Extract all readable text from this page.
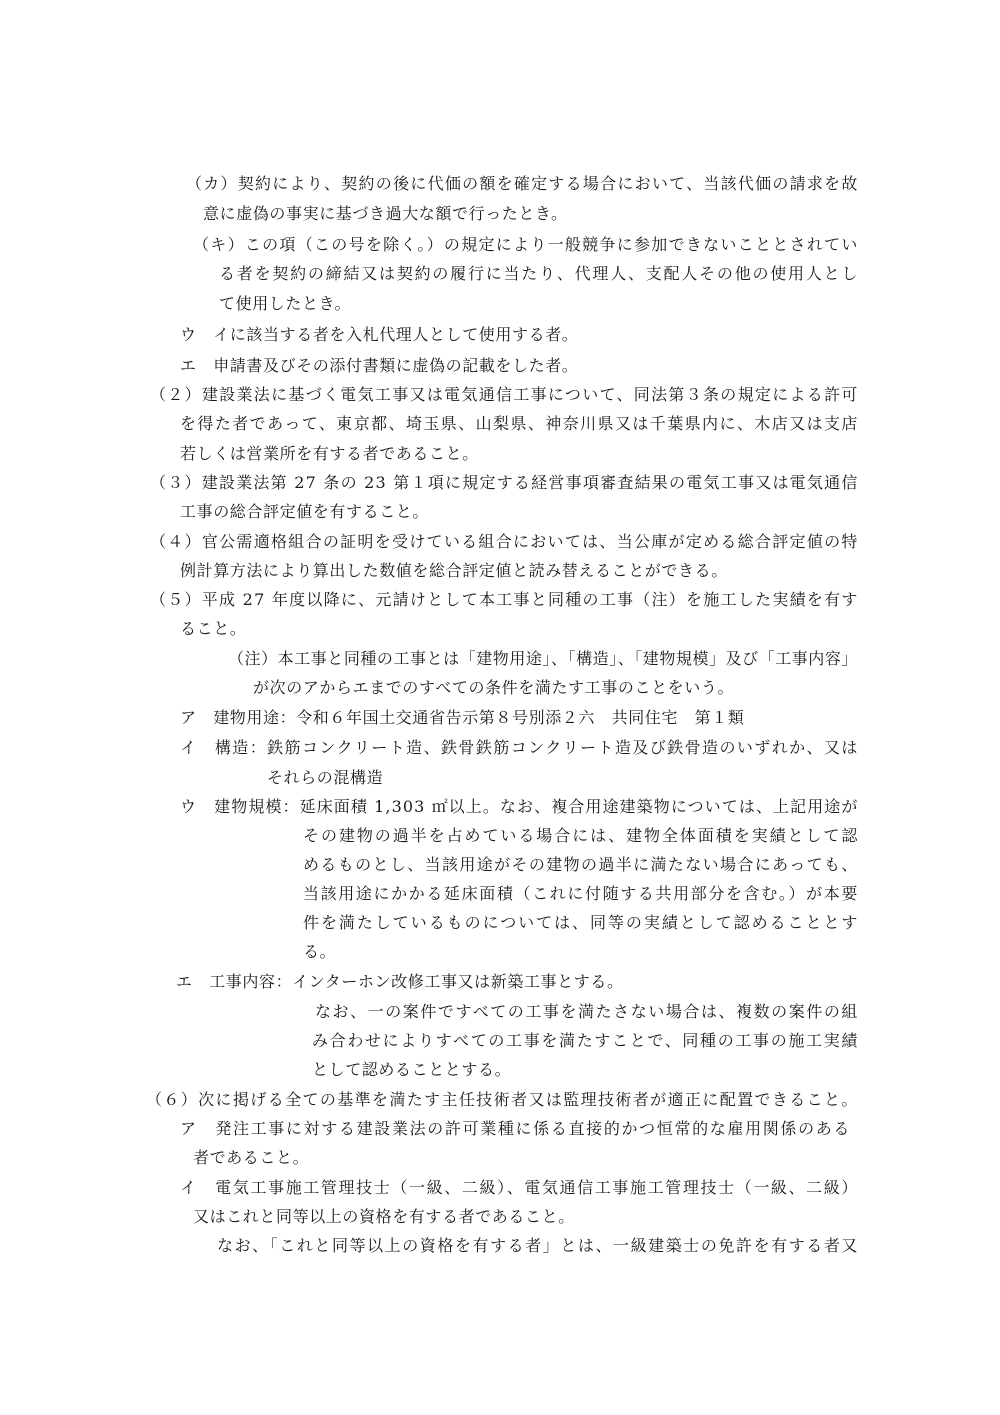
（カ）契約により、契約の後に代価の額を確定する場合において、当該代価の請求を故
意に虚偽の事実に基づき過大な額で行ったとき。
（キ）この項（この号を除く。）の規定により一般競争に参加できないこととされてい
る者を契約の締結又は契約の履行に当たり、代理人、支配人その他の使用人とし
て使用したとき。
ウ　イに該当する者を入札代理人として使用する者。
エ　申請書及びその添付書類に虚偽の記載をした者。
（２）建設業法に基づく電気工事又は電気通信工事について、同法第３条の規定による許可
を得た者であって、東京都、埼玉県、山梨県、神奈川県又は千葉県内に、木店又は支店
若しくは営業所を有する者であること。
（３）建設業法第 27 条の 23 第１項に規定する経営事項審査結果の電気工事又は電気通信
工事の総合評定値を有すること。
（４）官公需適格組合の証明を受けている組合においては、当公庫が定める総合評定値の特
例計算方法により算出した数値を総合評定値と読み替えることができる。
（５）平成 27 年度以降に、元請けとして本工事と同種の工事（注）を施工した実績を有す
ること。
（注）本工事と同種の工事とは「建物用途」、「構造」、「建物規模」及び「工事内容」
が次のアからエまでのすべての条件を満たす工事のことをいう。
ア　建物用途：令和６年国土交通省告示第８号別添２六　共同住宅　第１類
イ　構造：鉄筋コンクリート造、鉄骨鉄筋コンクリート造及び鉄骨造のいずれか、又は
それらの混構造
ウ　建物規模：延床面積 1,303 ㎡以上。なお、複合用途建築物については、上記用途が
その建物の過半を占めている場合には、建物全体面積を実績として認
めるものとし、当該用途がその建物の過半に満たない場合にあっても、
当該用途にかかる延床面積（これに付随する共用部分を含む。）が本要
件を満たしているものについては、同等の実績として認めることとす
る。
エ　工事内容：インターホン改修工事又は新築工事とする。
なお、一の案件ですべての工事を満たさない場合は、複数の案件の組
み合わせによりすべての工事を満たすことで、同種の工事の施工実績
として認めることとする。
（６）次に掲げる全ての基準を満たす主任技術者又は監理技術者が適正に配置できること。
ア　発注工事に対する建設業法の許可業種に係る直接的かつ恒常的な雇用関係のある
者であること。
イ　電気工事施工管理技士（一級、二級）、電気通信工事施工管理技士（一級、二級）
又はこれと同等以上の資格を有する者であること。
なお、「これと同等以上の資格を有する者」とは、一級建築士の免許を有する者又
